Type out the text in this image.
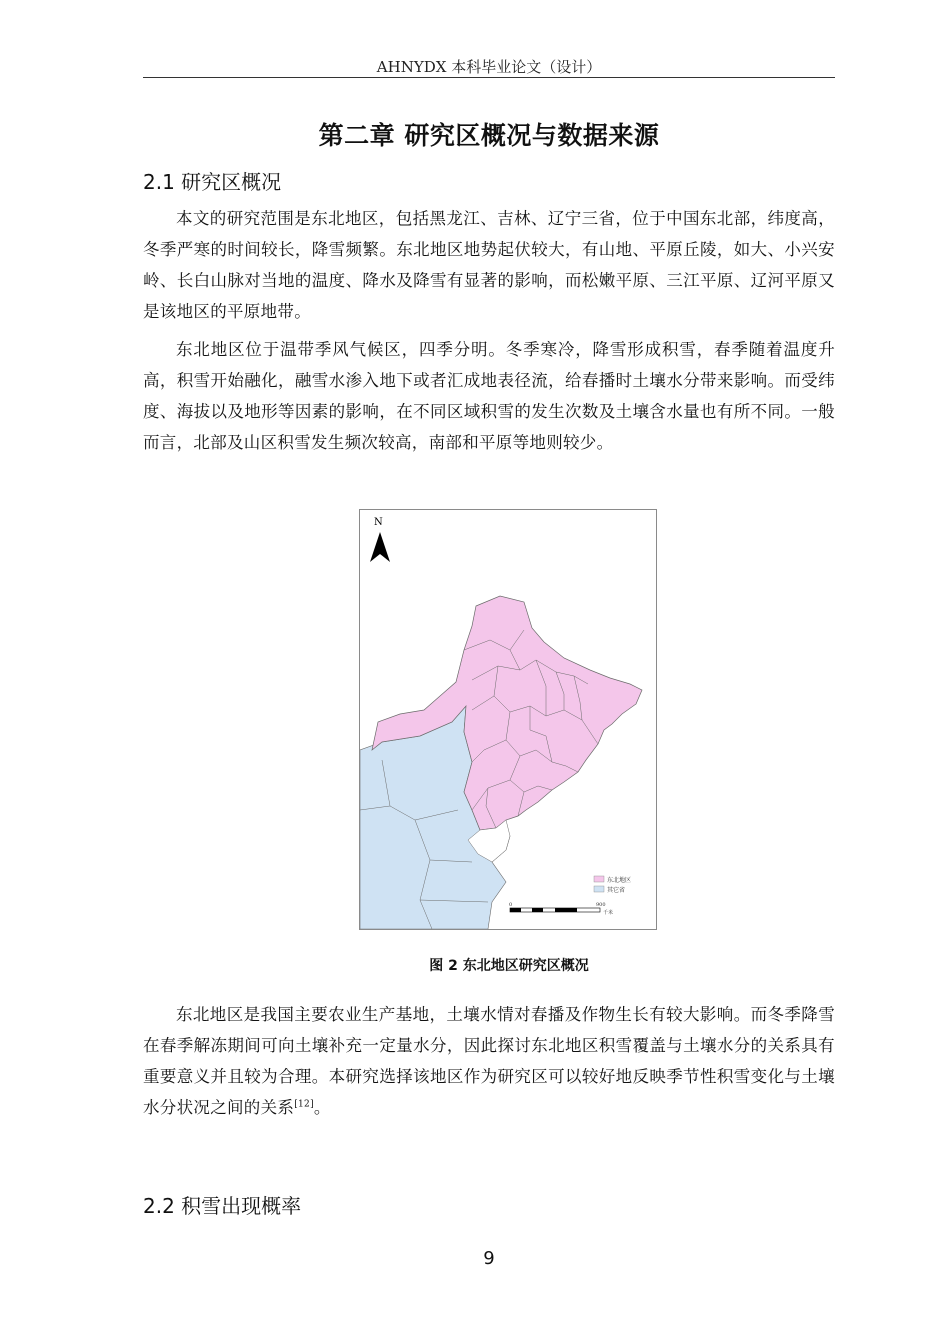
AHNYDX 本科毕业论文（设计）
第二章 研究区概况与数据来源
2.1 研究区概况

本文的研究范围是东北地区，包括黑龙江、吉林、辽宁三省，位于中国东北部，纬度高，冬季严寒的时间较长，降雪频繁。东北地区地势起伏较大，有山地、平原丘陵，如大、小兴安岭、长白山脉对当地的温度、降水及降雪有显著的影响，而松嫩平原、三江平原、辽河平原又是该地区的平原地带。

东北地区位于温带季风气候区，四季分明。冬季寒冷，降雪形成积雪，春季随着温度升高，积雪开始融化，融雪水渗入地下或者汇成地表径流，给春播时土壤水分带来影响。而受纬度、海拔以及地形等因素的影响，在不同区域积雪的发生次数及土壤含水量也有所不同。一般而言，北部及山区积雪发生频次较高，南部和平原等地则较少。

N
东北地区
其它省
0	900
千米
图 2 东北地区研究区概况

东北地区是我国主要农业生产基地，土壤水情对春播及作物生长有较大影响。而冬季降雪在春季解冻期间可向土壤补充一定量水分，因此探讨东北地区积雪覆盖与土壤水分的关系具有重要意义并且较为合理。本研究选择该地区作为研究区可以较好地反映季节性积雪变化与土壤水分状况之间的关系[12]。

2.2 积雪出现概率
9
